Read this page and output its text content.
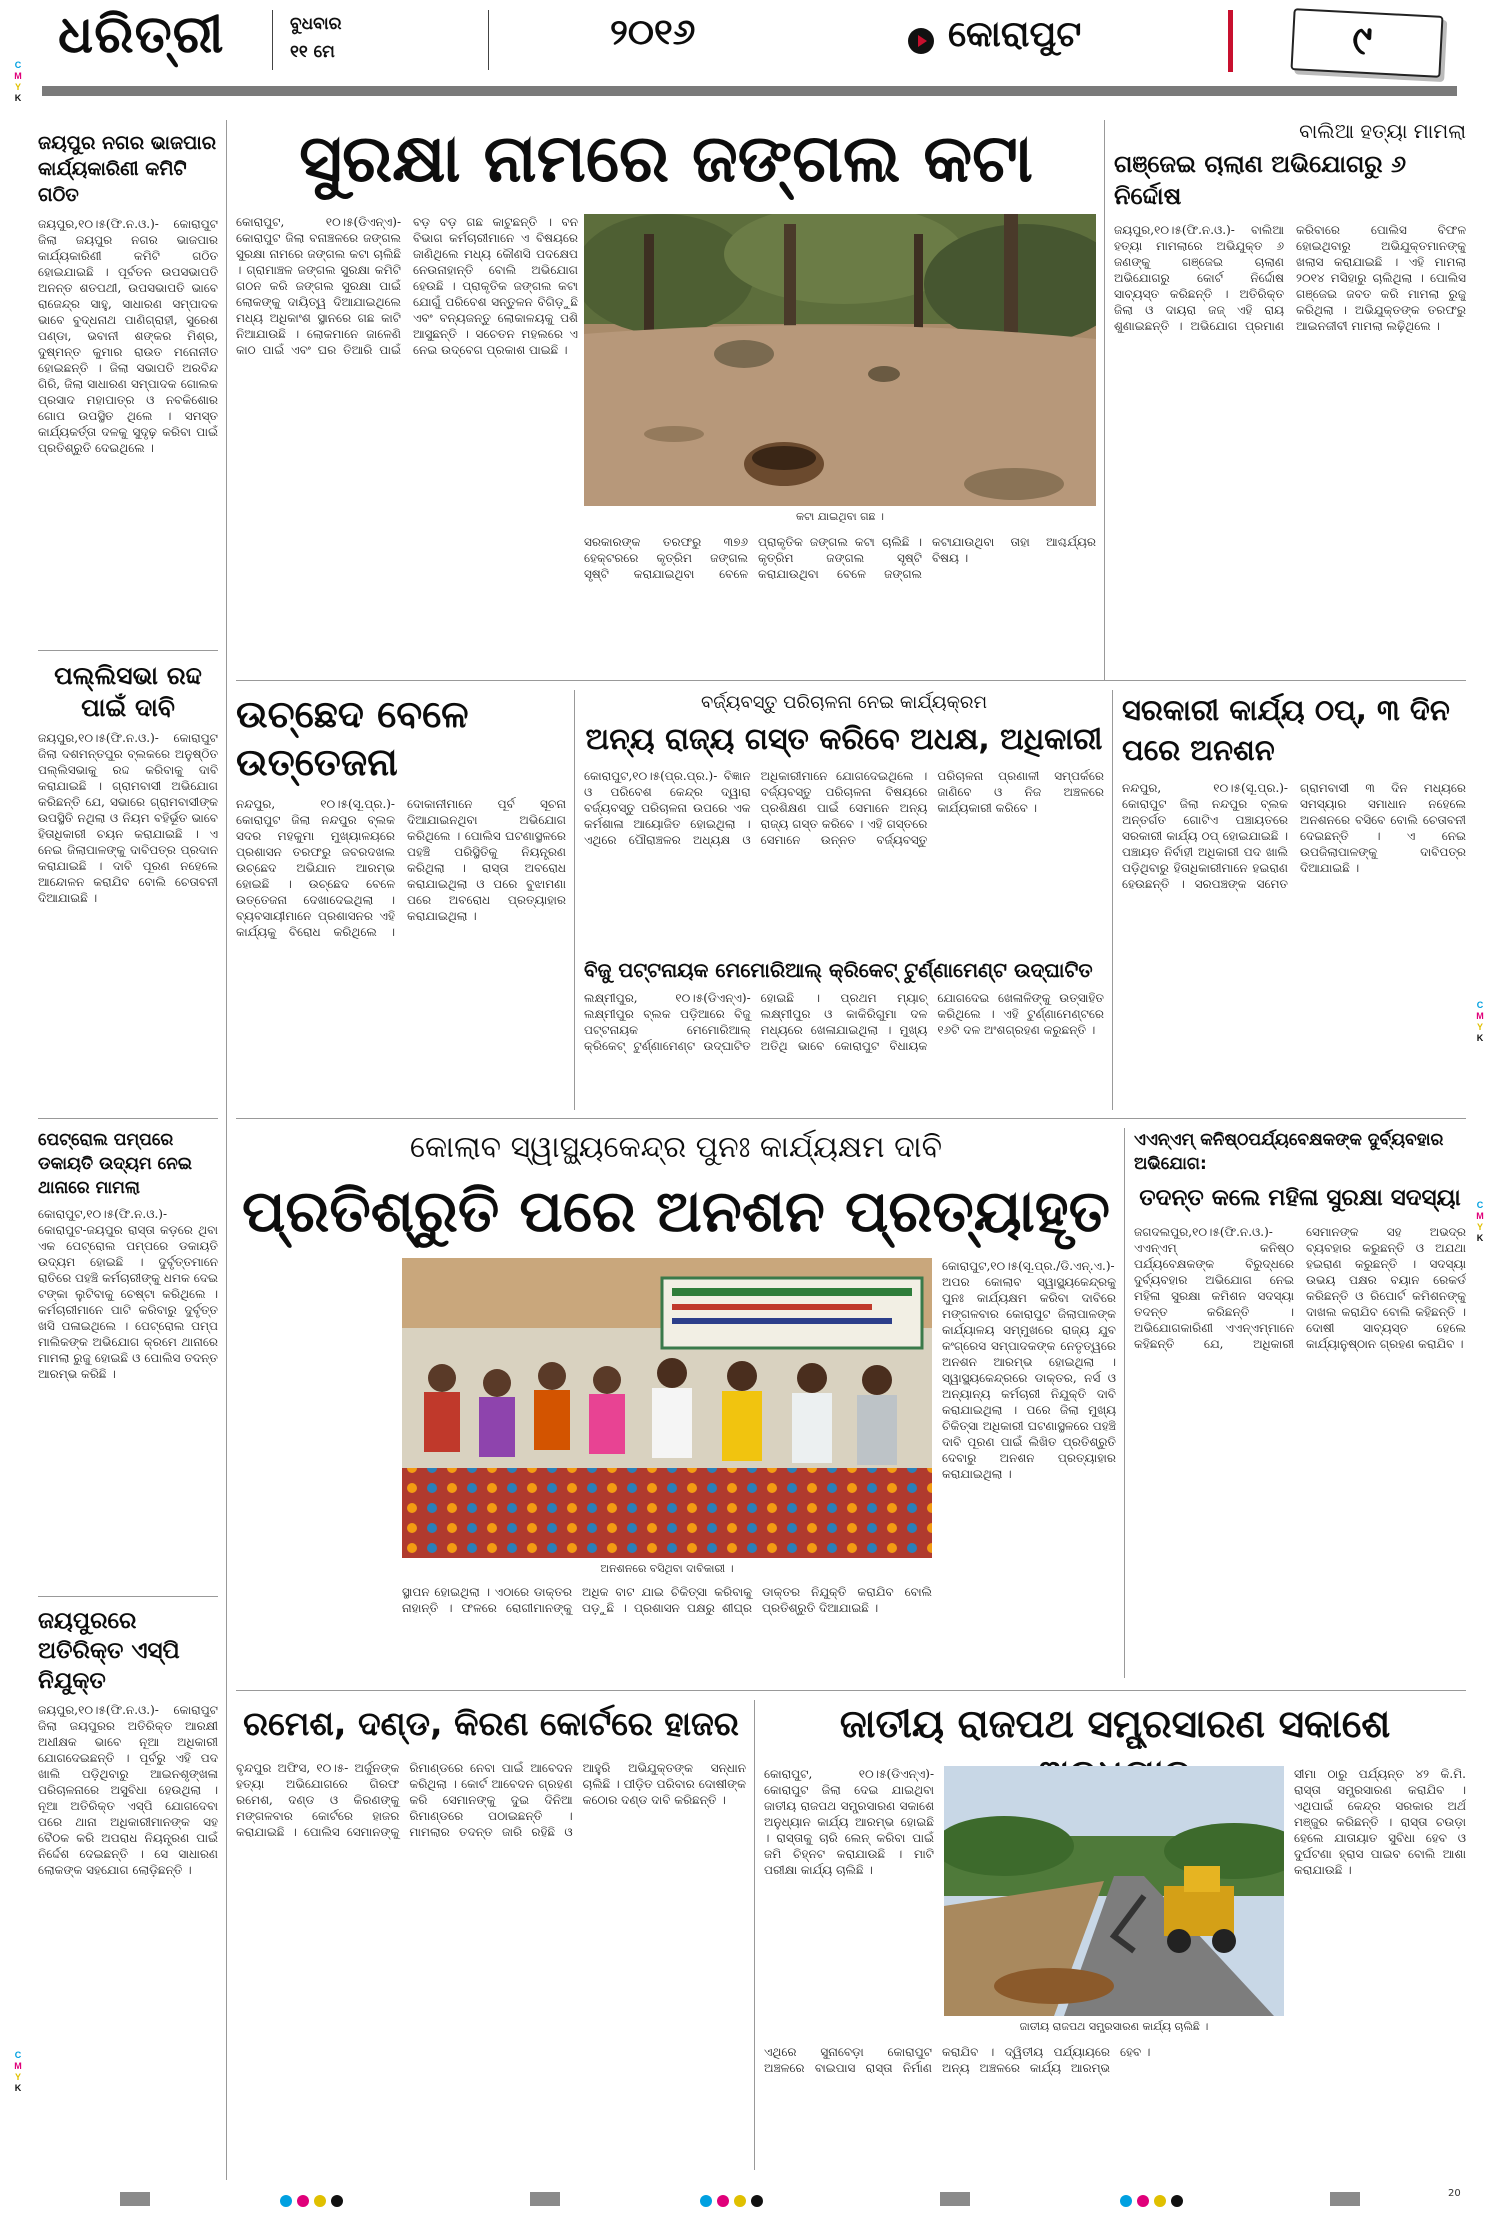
ଧରିତ୍ରୀ	ବୁଧବାର
୧୧ ମେ	୨୦୧୬	କୋରାପୁଟ	୯
C
M
Y
K
C
M
Y
K
C
M
Y
K
C
M
Y
K
ଜୟପୁର ନଗର ଭାଜପାର କାର୍ଯ୍ୟକାରିଣୀ କମିଟି ଗଠିତ
ଜୟପୁର,୧୦।୫(ଫି.ନ.ଓ.)- କୋରାପୁଟ ଜିଲା ଜୟପୁର ନଗର ଭାଜପାର କାର୍ଯ୍ୟକାରିଣୀ କମିଟି ଗଠିତ ହୋଇଯାଇଛି । ପୂର୍ବତନ ଉପସଭାପତି ଅନନ୍ତ ଶତପଥୀ, ଉପସଭାପତି ଭାବେ ରାଜେନ୍ଦ୍ର ସାହୁ, ସାଧାରଣ ସମ୍ପାଦକ ଭାବେ ବୁଦ୍ଧନାଥ ପାଣିଗ୍ରାହୀ, ସୁରେଶ ପଣ୍ଡା, ଭବାନୀ ଶଙ୍କର ମିଶ୍ର, ଦୁଷ୍ମନ୍ତ କୁମାର ରାଉତ ମନୋନୀତ ହୋଇଛନ୍ତି । ଜିଲା ସଭାପତି ଅରବିନ୍ଦ ଗିରି, ଜିଲା ସାଧାରଣ ସମ୍ପାଦକ ଗୋଲକ ପ୍ରସାଦ ମହାପାତ୍ର ଓ ନବକିଶୋର ଗୋପ ଉପସ୍ଥିତ ଥିଲେ । ସମସ୍ତ କାର୍ଯ୍ୟକର୍ତ୍ତା ଦଳକୁ ସୁଦୃଢ଼ କରିବା ପାଇଁ ପ୍ରତିଶ୍ରୁତି ଦେଇଥିଲେ ।
ପଲ୍ଲିସଭା ରଦ୍ଦ ପାଇଁ ଦାବି
ଜୟପୁର,୧୦।୫(ଫି.ନ.ଓ.)- କୋରାପୁଟ ଜିଲା ଦଶମନ୍ତପୁର ବ୍ଲକରେ ଅନୁଷ୍ଠିତ ପଲ୍ଲିସଭାକୁ ରଦ୍ଦ କରିବାକୁ ଦାବି କରାଯାଇଛି । ଗ୍ରାମବାସୀ ଅଭିଯୋଗ କରିଛନ୍ତି ଯେ, ସଭାରେ ଗ୍ରାମବାସୀଙ୍କ ଉପସ୍ଥିତି ନଥିଲା ଓ ନିୟମ ବହିର୍ଭୂତ ଭାବେ ହିତାଧିକାରୀ ଚୟନ କରାଯାଇଛି । ଏ ନେଇ ଜିଲାପାଳଙ୍କୁ ଦାବିପତ୍ର ପ୍ରଦାନ କରାଯାଇଛି । ଦାବି ପୂରଣ ନହେଲେ ଆନ୍ଦୋଳନ କରାଯିବ ବୋଲି ଚେତାବନୀ ଦିଆଯାଇଛି ।
ପେଟ୍ରୋଲ ପମ୍ପରେ ଡକାୟତି ଉଦ୍ୟମ ନେଇ ଥାନାରେ ମାମଲା
କୋରାପୁଟ,୧୦।୫(ଫି.ନ.ଓ.)- କୋରାପୁଟ-ଜୟପୁର ରାସ୍ତା କଡ଼ରେ ଥିବା ଏକ ପେଟ୍ରୋଲ ପମ୍ପରେ ଡକାୟତି ଉଦ୍ୟମ ହୋଇଛି । ଦୁର୍ବୃତ୍ତମାନେ ରାତିରେ ପହଞ୍ଚି କର୍ମଚାରୀଙ୍କୁ ଧମକ ଦେଇ ଟଙ୍କା ଲୁଟିବାକୁ ଚେଷ୍ଟା କରିଥିଲେ । କର୍ମଚାରୀମାନେ ପାଟି କରିବାରୁ ଦୁର୍ବୃତ୍ତ ଖସି ପଳାଇଥିଲେ । ପେଟ୍ରୋଲ ପମ୍ପ ମାଲିକଙ୍କ ଅଭିଯୋଗ କ୍ରମେ ଥାନାରେ ମାମଲା ରୁଜୁ ହୋଇଛି ଓ ପୋଲିସ ତଦନ୍ତ ଆରମ୍ଭ କରିଛି ।
ଜୟପୁରରେ ଅତିରିକ୍ତ ଏସ୍‌ପି ନିଯୁକ୍ତ
ଜୟପୁର,୧୦।୫(ଫି.ନ.ଓ.)- କୋରାପୁଟ ଜିଲା ଜୟପୁରର ଅତିରିକ୍ତ ଆରକ୍ଷୀ ଅଧୀକ୍ଷକ ଭାବେ ନୂଆ ଅଧିକାରୀ ଯୋଗଦେଇଛନ୍ତି । ପୂର୍ବରୁ ଏହି ପଦ ଖାଲି ପଡ଼ିଥିବାରୁ ଆଇନଶୃଙ୍ଖଳା ପରିଚାଳନାରେ ଅସୁବିଧା ହେଉଥିଲା । ନୂଆ ଅତିରିକ୍ତ ଏସ୍‌ପି ଯୋଗଦେବା ପରେ ଥାନା ଅଧିକାରୀମାନଙ୍କ ସହ ବୈଠକ କରି ଅପରାଧ ନିୟନ୍ତ୍ରଣ ପାଇଁ ନିର୍ଦ୍ଦେଶ ଦେଇଛନ୍ତି । ସେ ସାଧାରଣ ଲୋକଙ୍କ ସହଯୋଗ ଲୋଡ଼ିଛନ୍ତି ।
ସୁରକ୍ଷା ନାମରେ ଜଙ୍ଗଲ କଟା
କୋରାପୁଟ, ୧୦।୫(ଡିଏନ୍‌ଏ)- କୋରାପୁଟ ଜିଲା ବନାଞ୍ଚଳରେ ଜଙ୍ଗଲ ସୁରକ୍ଷା ନାମରେ ଜଙ୍ଗଲ କଟା ଚାଲିଛି । ଗ୍ରାମାଞ୍ଚଳ ଜଙ୍ଗଲ ସୁରକ୍ଷା କମିଟି ଗଠନ କରି ଜଙ୍ଗଲ ସୁରକ୍ଷା ପାଇଁ ଲୋକଙ୍କୁ ଦାୟିତ୍ୱ ଦିଆଯାଇଥିଲେ ମଧ୍ୟ ଅଧିକାଂଶ ସ୍ଥାନରେ ଗଛ କାଟି ନିଆଯାଉଛି । ଲୋକମାନେ ଜାଳେଣି କାଠ ପାଇଁ ଏବଂ ଘର ତିଆରି ପାଇଁ ବଡ଼ ବଡ଼ ଗଛ କାଟୁଛନ୍ତି । ବନ ବିଭାଗ କର୍ମଚାରୀମାନେ ଏ ବିଷୟରେ ଜାଣିଥିଲେ ମଧ୍ୟ କୌଣସି ପଦକ୍ଷେପ ନେଉନାହାନ୍ତି ବୋଲି ଅଭିଯୋଗ ହେଉଛି । ପ୍ରାକୃତିକ ଜଙ୍ଗଲ କଟା ଯୋଗୁଁ ପରିବେଶ ସନ୍ତୁଳନ ବିଗିଡ଼ୁଛି ଏବଂ ବନ୍ୟଜନ୍ତୁ ଲୋକାଳୟକୁ ପଶି ଆସୁଛନ୍ତି । ସଚେତନ ମହଲରେ ଏ ନେଇ ଉଦ୍‌ବେଗ ପ୍ରକାଶ ପାଇଛି ।
କଟା ଯାଇଥିବା ଗଛ ।
ସରକାରଙ୍କ ତରଫରୁ ୩୭୬ ହେକ୍ଟରରେ କୃତ୍ରିମ ଜଙ୍ଗଲ ସୃଷ୍ଟି କରାଯାଇଥିବା ବେଳେ ପ୍ରାକୃତିକ ଜଙ୍ଗଲ କଟା ଚାଲିଛି । କୃତ୍ରିମ ଜଙ୍ଗଲ ସୃଷ୍ଟି କରାଯାଉଥିବା ବେଳେ ଜଙ୍ଗଲ କଟାଯାଉଥିବା ତାହା ଆଶ୍ଚର୍ଯ୍ୟର ବିଷୟ ।
ବାଲିଆ ହତ୍ୟା ମାମଲା
ଗଞ୍ଜେଇ ଚାଲାଣ ଅଭିଯୋଗରୁ ୬ ନିର୍ଦ୍ଦୋଷ
ଜୟପୁର,୧୦।୫(ଫି.ନ.ଓ.)- ବାଲିଆ ହତ୍ୟା ମାମଲାରେ ଅଭିଯୁକ୍ତ ୬ ଜଣଙ୍କୁ ଗଞ୍ଜେଇ ଚାଲାଣ ଅଭିଯୋଗରୁ କୋର୍ଟ ନିର୍ଦ୍ଦୋଷ ସାବ୍ୟସ୍ତ କରିଛନ୍ତି । ଅତିରିକ୍ତ ଜିଲା ଓ ଦାୟରା ଜଜ୍ ଏହି ରାୟ ଶୁଣାଇଛନ୍ତି । ଅଭିଯୋଗ ପ୍ରମାଣ କରିବାରେ ପୋଲିସ ବିଫଳ ହୋଇଥିବାରୁ ଅଭିଯୁକ୍ତମାନଙ୍କୁ ଖଲାସ କରାଯାଇଛି । ଏହି ମାମଲା ୨୦୧୪ ମସିହାରୁ ଚାଲିଥିଲା । ପୋଲିସ ଗଞ୍ଜେଇ ଜବତ କରି ମାମଲା ରୁଜୁ କରିଥିଲା । ଅଭିଯୁକ୍ତଙ୍କ ତରଫରୁ ଆଇନଜୀବୀ ମାମଲା ଲଢ଼ିଥିଲେ ।
ଉଚ୍ଛେଦ ବେଳେ ଉତ୍ତେଜନା
ନନ୍ଦପୁର, ୧୦।୫(ସୂ.ପ୍ର.)- କୋରାପୁଟ ଜିଲା ନନ୍ଦପୁର ବ୍ଲକ ସଦର ମହକୁମା ମୁଖ୍ୟାଳୟରେ ପ୍ରଶାସନ ତରଫରୁ ଜବରଦଖଲ ଉଚ୍ଛେଦ ଅଭିଯାନ ଆରମ୍ଭ ହୋଇଛି । ଉଚ୍ଛେଦ ବେଳେ ଉତ୍ତେଜନା ଦେଖାଦେଇଥିଲା । ବ୍ୟବସାୟୀମାନେ ପ୍ରଶାସନର ଏହି କାର୍ଯ୍ୟକୁ ବିରୋଧ କରିଥିଲେ । ଦୋକାନୀମାନେ ପୂର୍ବ ସୂଚନା ଦିଆଯାଇନଥିବା ଅଭିଯୋଗ କରିଥିଲେ । ପୋଲିସ ଘଟଣାସ୍ଥଳରେ ପହଞ୍ଚି ପରିସ୍ଥିତିକୁ ନିୟନ୍ତ୍ରଣ କରିଥିଲା । ରାସ୍ତା ଅବରୋଧ କରାଯାଇଥିଲା ଓ ପରେ ବୁଝାମଣା ପରେ ଅବରୋଧ ପ୍ରତ୍ୟାହାର କରାଯାଇଥିଲା ।
ବର୍ଜ୍ୟବସ୍ତୁ ପରିଚାଳନା ନେଇ କାର୍ଯ୍ୟକ୍ରମ
ଅନ୍ୟ ରାଜ୍ୟ ଗସ୍ତ କରିବେ ଅଧକ୍ଷ, ଅଧିକାରୀ
କୋରାପୁଟ,୧୦।୫(ପ୍ର.ପ୍ର.)- ବିଜ୍ଞାନ ଓ ପରିବେଶ କେନ୍ଦ୍ର ଦ୍ୱାରା ବର୍ଜ୍ୟବସ୍ତୁ ପରିଚାଳନା ଉପରେ ଏକ କର୍ମଶାଳା ଆୟୋଜିତ ହୋଇଥିଲା । ଏଥିରେ ପୌରାଞ୍ଚଳର ଅଧ୍ୟକ୍ଷ ଓ ଅଧିକାରୀମାନେ ଯୋଗଦେଇଥିଲେ । ବର୍ଜ୍ୟବସ୍ତୁ ପରିଚାଳନା ବିଷୟରେ ପ୍ରଶିକ୍ଷଣ ପାଇଁ ସେମାନେ ଅନ୍ୟ ରାଜ୍ୟ ଗସ୍ତ କରିବେ । ଏହି ଗସ୍ତରେ ସେମାନେ ଉନ୍ନତ ବର୍ଜ୍ୟବସ୍ତୁ ପରିଚାଳନା ପ୍ରଣାଳୀ ସମ୍ପର୍କରେ ଜାଣିବେ ଓ ନିଜ ଅଞ୍ଚଳରେ କାର୍ଯ୍ୟକାରୀ କରିବେ ।
ବିଜୁ ପଟ୍ଟନାୟକ ମେମୋରିଆଲ୍ କ୍ରିକେଟ୍ ଟୁର୍ଣ୍ଣାମେଣ୍ଟ ଉଦ୍‌ଘାଟିତ
ଲକ୍ଷ୍ମୀପୁର, ୧୦।୫(ଡିଏନ୍‌ଏ)- ଲକ୍ଷ୍ମୀପୁର ବ୍ଲକ ପଡ଼ିଆରେ ବିଜୁ ପଟ୍ଟନାୟକ ମେମୋରିଆଲ୍ କ୍ରିକେଟ୍ ଟୁର୍ଣ୍ଣାମେଣ୍ଟ ଉଦ୍‌ଘାଟିତ ହୋଇଛି । ପ୍ରଥମ ମ୍ୟାଚ୍ ଲକ୍ଷ୍ମୀପୁର ଓ କାକିରିଗୁମା ଦଳ ମଧ୍ୟରେ ଖେଳାଯାଇଥିଲା । ମୁଖ୍ୟ ଅତିଥି ଭାବେ କୋରାପୁଟ ବିଧାୟକ ଯୋଗଦେଇ ଖେଳାଳିଙ୍କୁ ଉତ୍ସାହିତ କରିଥିଲେ । ଏହି ଟୁର୍ଣ୍ଣାମେଣ୍ଟରେ ୧୬ଟି ଦଳ ଅଂଶଗ୍ରହଣ କରୁଛନ୍ତି ।
ସରକାରୀ କାର୍ଯ୍ୟ ଠପ୍, ୩ ଦିନ ପରେ ଅନଶନ
ନନ୍ଦପୁର, ୧୦।୫(ସୂ.ପ୍ର.)- କୋରାପୁଟ ଜିଲା ନନ୍ଦପୁର ବ୍ଲକ ଅନ୍ତର୍ଗତ ଗୋଟିଏ ପଞ୍ଚାୟତରେ ସରକାରୀ କାର୍ଯ୍ୟ ଠପ୍ ହୋଇଯାଇଛି । ପଞ୍ଚାୟତ ନିର୍ବାହୀ ଅଧିକାରୀ ପଦ ଖାଲି ପଡ଼ିଥିବାରୁ ହିତାଧିକାରୀମାନେ ହଇରାଣ ହେଉଛନ୍ତି । ସରପଞ୍ଚଙ୍କ ସମେତ ଗ୍ରାମବାସୀ ୩ ଦିନ ମଧ୍ୟରେ ସମସ୍ୟାର ସମାଧାନ ନହେଲେ ଅନଶନରେ ବସିବେ ବୋଲି ଚେତାବନୀ ଦେଇଛନ୍ତି । ଏ ନେଇ ଉପଜିଲାପାଳଙ୍କୁ ଦାବିପତ୍ର ଦିଆଯାଇଛି ।
କୋଲାବ ସ୍ୱାସ୍ଥ୍ୟକେନ୍ଦ୍ର ପୁନଃ କାର୍ଯ୍ୟକ୍ଷମ ଦାବି
ପ୍ରତିଶ୍ରୁତି ପରେ ଅନଶନ ପ୍ରତ୍ୟାହୃତ
ଅନଶନରେ ବସିଥିବା ଦାବିକାରୀ ।
କୋରାପୁଟ,୧୦।୫(ସୂ.ପ୍ର./ଡି.ଏନ୍‌.ଏ.)- ଅପର କୋଲାବ ସ୍ୱାସ୍ଥ୍ୟକେନ୍ଦ୍ରକୁ ପୁନଃ କାର୍ଯ୍ୟକ୍ଷମ କରିବା ଦାବିରେ ମଙ୍ଗଳବାର କୋରାପୁଟ ଜିଲାପାଳଙ୍କ କାର୍ଯ୍ୟାଳୟ ସମ୍ମୁଖରେ ରାଜ୍ୟ ଯୁବ କଂଗ୍ରେସ ସମ୍ପାଦକଙ୍କ ନେତୃତ୍ୱରେ ଅନଶନ ଆରମ୍ଭ ହୋଇଥିଲା । ସ୍ୱାସ୍ଥ୍ୟକେନ୍ଦ୍ରରେ ଡାକ୍ତର, ନର୍ସ ଓ ଅନ୍ୟାନ୍ୟ କର୍ମଚାରୀ ନିଯୁକ୍ତି ଦାବି କରାଯାଇଥିଲା । ପରେ ଜିଲା ମୁଖ୍ୟ ଚିକିତ୍ସା ଅଧିକାରୀ ଘଟଣାସ୍ଥଳରେ ପହଞ୍ଚି ଦାବି ପୂରଣ ପାଇଁ ଲିଖିତ ପ୍ରତିଶ୍ରୁତି ଦେବାରୁ ଅନଶନ ପ୍ରତ୍ୟାହାର କରାଯାଇଥିଲା ।
ସ୍ଥାପନ ହୋଇଥିଲା । ଏଠାରେ ଡାକ୍ତର ନାହାନ୍ତି । ଫଳରେ ରୋଗୀମାନଙ୍କୁ ଅଧିକ ବାଟ ଯାଇ ଚିକିତ୍ସା କରିବାକୁ ପଡ଼ୁଛି । ପ୍ରଶାସନ ପକ୍ଷରୁ ଶୀଘ୍ର ଡାକ୍ତର ନିଯୁକ୍ତି କରାଯିବ ବୋଲି ପ୍ରତିଶ୍ରୁତି ଦିଆଯାଇଛି ।
ଏଏନ୍‌ଏମ୍ କନିଷ୍ଠପର୍ଯ୍ୟବେକ୍ଷକଙ୍କ ଦୁର୍ବ୍ୟବହାର ଅଭିଯୋଗ:
ତଦନ୍ତ କଲେ ମହିଳା ସୁରକ୍ଷା ସଦସ୍ୟା
ଜଗଦଲପୁର,୧୦।୫(ଫି.ନ.ଓ.)- ଏଏନ୍‌ଏମ୍ କନିଷ୍ଠ ପର୍ଯ୍ୟବେକ୍ଷକଙ୍କ ବିରୁଦ୍ଧରେ ଦୁର୍ବ୍ୟବହାର ଅଭିଯୋଗ ନେଇ ମହିଳା ସୁରକ୍ଷା କମିଶନ ସଦସ୍ୟା ତଦନ୍ତ କରିଛନ୍ତି । ଅଭିଯୋଗକାରିଣୀ ଏଏନ୍‌ଏମ୍‌ମାନେ କହିଛନ୍ତି ଯେ, ଅଧିକାରୀ ସେମାନଙ୍କ ସହ ଅଭଦ୍ର ବ୍ୟବହାର କରୁଛନ୍ତି ଓ ଅଯଥା ହଇରାଣ କରୁଛନ୍ତି । ସଦସ୍ୟା ଉଭୟ ପକ୍ଷର ବୟାନ ରେକର୍ଡ କରିଛନ୍ତି ଓ ରିପୋର୍ଟ କମିଶନଙ୍କୁ ଦାଖଲ କରାଯିବ ବୋଲି କହିଛନ୍ତି । ଦୋଷୀ ସାବ୍ୟସ୍ତ ହେଲେ କାର୍ଯ୍ୟାନୁଷ୍ଠାନ ଗ୍ରହଣ କରାଯିବ ।
ରମେଶ, ଦଣ୍ଡ, କିରଣ କୋର୍ଟରେ ହାଜର
ବୃନ୍ଦପୁର ଅଫିସ, ୧୦।୫- ଅର୍ଜୁନଙ୍କ ହତ୍ୟା ଅଭିଯୋଗରେ ଗିରଫ ରମେଶ, ଦଣ୍ଡ ଓ କିରଣଙ୍କୁ ମଙ୍ଗଳବାର କୋର୍ଟରେ ହାଜର କରାଯାଇଛି । ପୋଲିସ ସେମାନଙ୍କୁ ରିମାଣ୍ଡରେ ନେବା ପାଇଁ ଆବେଦନ କରିଥିଲା । କୋର୍ଟ ଆବେଦନ ଗ୍ରହଣ କରି ସେମାନଙ୍କୁ ଦୁଇ ଦିନିଆ ରିମାଣ୍ଡରେ ପଠାଇଛନ୍ତି । ମାମଲାର ତଦନ୍ତ ଜାରି ରହିଛି ଓ ଆହୁରି ଅଭିଯୁକ୍ତଙ୍କ ସନ୍ଧାନ ଚାଲିଛି । ପୀଡ଼ିତ ପରିବାର ଦୋଷୀଙ୍କ କଠୋର ଦଣ୍ଡ ଦାବି କରିଛନ୍ତି ।
ଜାତୀୟ ରାଜପଥ ସମ୍ପ୍ରସାରଣ ସକାଶେ
କୋରାପୁଟ, ୧୦।୫(ଡିଏନ୍‌ଏ)- କୋରାପୁଟ ଜିଲା ଦେଇ ଯାଇଥିବା ଜାତୀୟ ରାଜପଥ ସମ୍ପ୍ରସାରଣ ସକାଶେ ଅନୁଧ୍ୟାନ କାର୍ଯ୍ୟ ଆରମ୍ଭ ହୋଇଛି । ରାସ୍ତାକୁ ଚାରି ଲେନ୍ କରିବା ପାଇଁ ଜମି ଚିହ୍ନଟ କରାଯାଉଛି । ମାଟି ପରୀକ୍ଷା କାର୍ଯ୍ୟ ଚାଲିଛି ।
ଜାତୀୟ ରାଜପଥ ସମ୍ପ୍ରସାରଣ କାର୍ଯ୍ୟ ଚାଲିଛି ।
ସୀମା ଠାରୁ ପର୍ଯ୍ୟନ୍ତ ୪୨ କି.ମି. ରାସ୍ତା ସମ୍ପ୍ରସାରଣ କରାଯିବ । ଏଥିପାଇଁ କେନ୍ଦ୍ର ସରକାର ଅର୍ଥ ମଞ୍ଜୁର କରିଛନ୍ତି । ରାସ୍ତା ଚଉଡ଼ା ହେଲେ ଯାତାୟାତ ସୁବିଧା ହେବ ଓ ଦୁର୍ଘଟଣା ହ୍ରାସ ପାଇବ ବୋଲି ଆଶା କରାଯାଉଛି ।
ଏଥିରେ ସୁନାବେଡ଼ା କୋରାପୁଟ ଅଞ୍ଚଳରେ ବାଇପାସ ରାସ୍ତା ନିର୍ମାଣ କରାଯିବ । ଦ୍ୱିତୀୟ ପର୍ଯ୍ୟାୟରେ ଅନ୍ୟ ଅଞ୍ଚଳରେ କାର୍ଯ୍ୟ ଆରମ୍ଭ ହେବ ।

20
